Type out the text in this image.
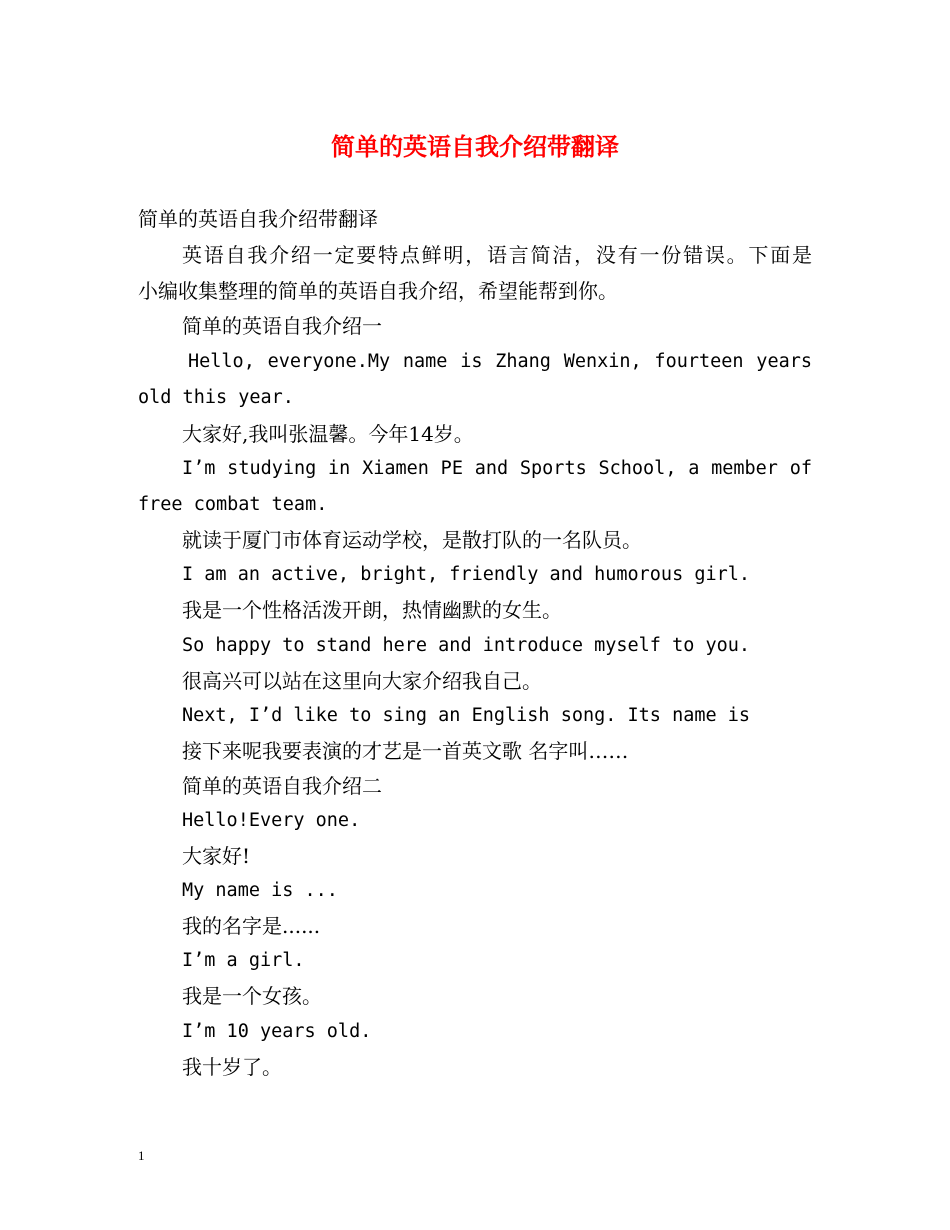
简单的英语自我介绍带翻译
简单的英语自我介绍带翻译
英语自我介绍一定要特点鲜明，语言简洁，没有一份错误。下面是
小编收集整理的简单的英语自我介绍，希望能帮到你。
简单的英语自我介绍一
Hello, everyone.My name is Zhang Wenxin, fourteen years
old this year.
大家好,我叫张温馨。今年14岁。
I’m studying in Xiamen PE and Sports School, a member of
free combat team.
就读于厦门市体育运动学校，是散打队的一名队员。
I am an active, bright, friendly and humorous girl.
我是一个性格活泼开朗，热情幽默的女生。
So happy to stand here and introduce myself to you.
很高兴可以站在这里向大家介绍我自己。
Next, I’d like to sing an English song. Its name is
接下来呢我要表演的才艺是一首英文歌 名字叫……
简单的英语自我介绍二
Hello!Every one.
大家好!
My name is ...
我的名字是......
I’m a girl.
我是一个女孩。
I’m 10 years old.
我十岁了。
1
